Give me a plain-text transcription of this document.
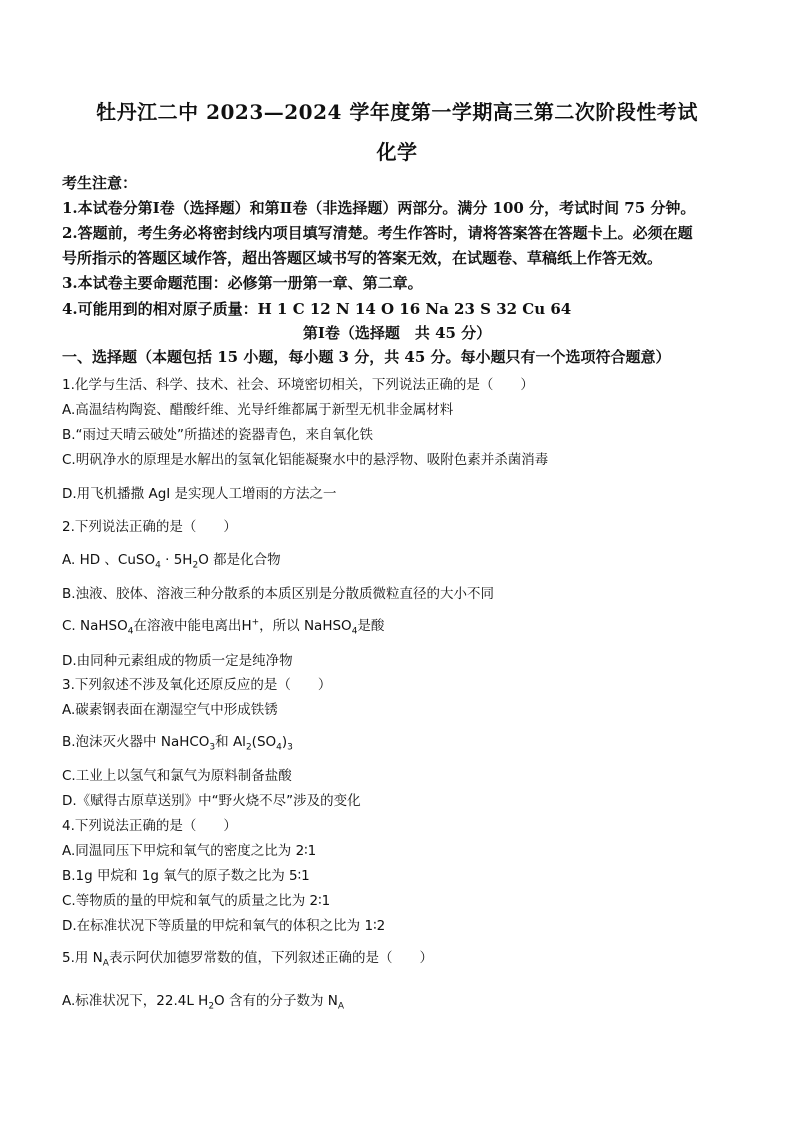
牡丹江二中 2023—2024 学年度第一学期高三第二次阶段性考试
化学
考生注意：
1.本试卷分第Ⅰ卷（选择题）和第Ⅱ卷（非选择题）两部分。满分 100 分，考试时间 75 分钟。
2.答题前，考生务必将密封线内项目填写清楚。考生作答时，请将答案答在答题卡上。必须在题
号所指示的答题区域作答，超出答题区域书写的答案无效，在试题卷、草稿纸上作答无效。
3.本试卷主要命题范围：必修第一册第一章、第二章。
4.可能用到的相对原子质量：H 1 C 12 N 14 O 16 Na 23 S 32 Cu 64
第Ⅰ卷（选择题　共 45 分）
一、选择题（本题包括 15 小题，每小题 3 分，共 45 分。每小题只有一个选项符合题意）
1.化学与生活、科学、技术、社会、环境密切相关，下列说法正确的是（　　）
A.高温结构陶瓷、醋酸纤维、光导纤维都属于新型无机非金属材料
B.“雨过天晴云破处”所描述的瓷器青色，来自氧化铁
C.明矾净水的原理是水解出的氢氧化铝能凝聚水中的悬浮物、吸附色素并杀菌消毒
D.用飞机播撒 AgI 是实现人工增雨的方法之一
2.下列说法正确的是（　　）
A. HD 、CuSO$_4$ · $5H_2O$ 都是化合物
B.浊液、胶体、溶液三种分散系的本质区别是分散质微粒直径的大小不同
C. NaHSO$_4$在溶液中能电离出H+，所以 NaHSO$_4$是酸
D.由同种元素组成的物质一定是纯净物
3.下列叙述不涉及氧化还原反应的是（　　）
A.碳素钢表面在潮湿空气中形成铁锈
B.泡沫灭火器中 NaHCO$_3$和 $Al_2(SO_4)_3$
C.工业上以氢气和氯气为原料制备盐酸
D.《赋得古原草送别》中“野火烧不尽”涉及的变化
4.下列说法正确的是（　　）
A.同温同压下甲烷和氧气的密度之比为 2∶1
B.1g 甲烷和 1g 氧气的原子数之比为 5∶1
C.等物质的量的甲烷和氧气的质量之比为 2∶1
D.在标准状况下等质量的甲烷和氧气的体积之比为 1∶2
5.用 $N_A$表示阿伏加德罗常数的值，下列叙述正确的是（　　）
A.标准状况下，22.4L $H_2O$ 含有的分子数为 $N_A$
